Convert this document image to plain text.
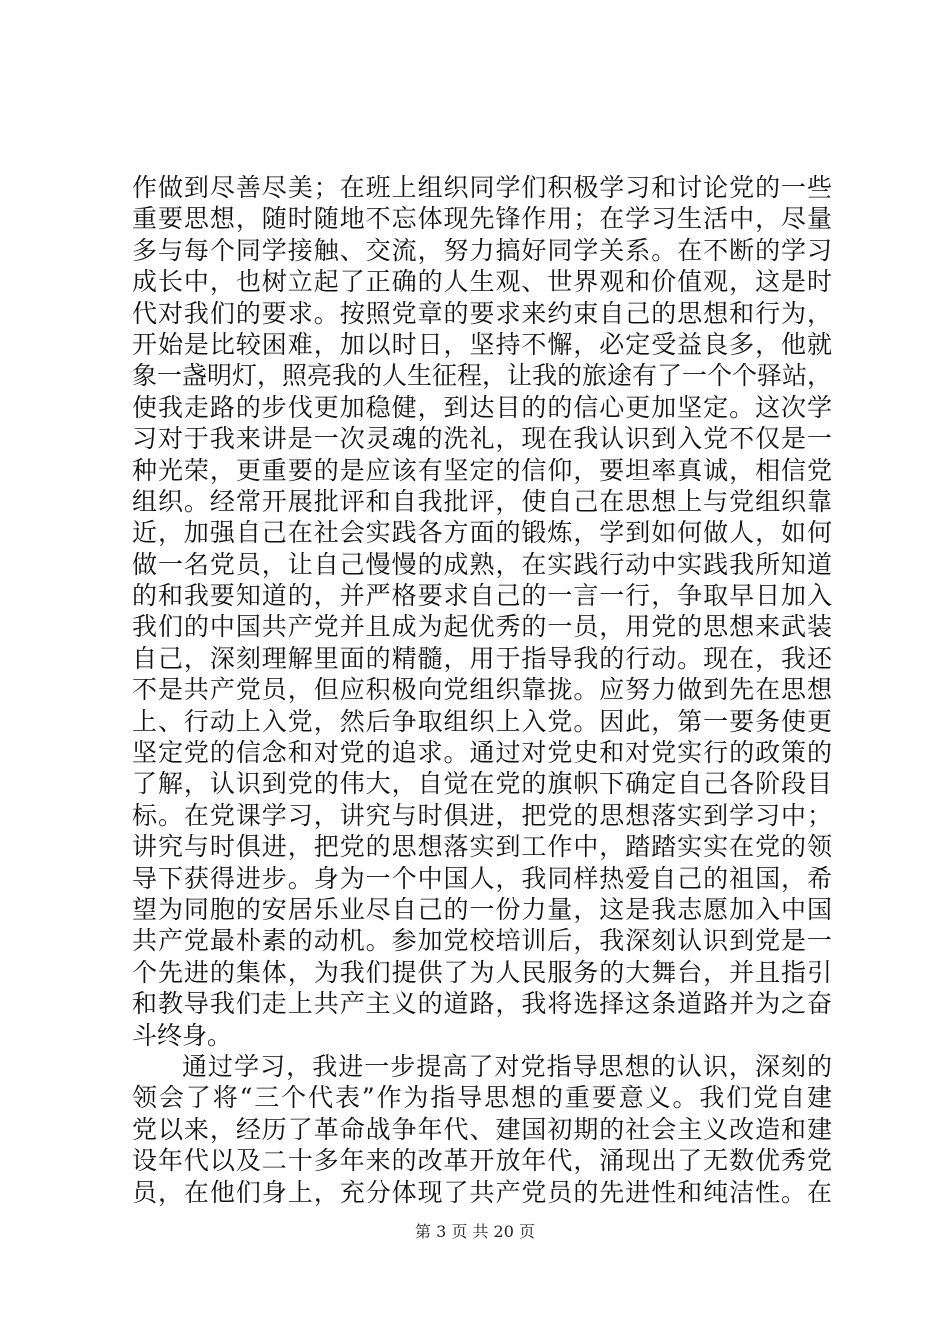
作做到尽善尽美；在班上组织同学们积极学习和讨论党的一些
重要思想，随时随地不忘体现先锋作用；在学习生活中，尽量
多与每个同学接触、交流，努力搞好同学关系。在不断的学习
成长中，也树立起了正确的人生观、世界观和价值观，这是时
代对我们的要求。按照党章的要求来约束自己的思想和行为，
开始是比较困难，加以时日，坚持不懈，必定受益良多，他就
象一盏明灯，照亮我的人生征程，让我的旅途有了一个个驿站，
使我走路的步伐更加稳健，到达目的的信心更加坚定。这次学
习对于我来讲是一次灵魂的洗礼，现在我认识到入党不仅是一
种光荣，更重要的是应该有坚定的信仰，要坦率真诚，相信党
组织。经常开展批评和自我批评，使自己在思想上与党组织靠
近，加强自己在社会实践各方面的锻炼，学到如何做人，如何
做一名党员，让自己慢慢的成熟，在实践行动中实践我所知道
的和我要知道的，并严格要求自己的一言一行，争取早日加入
我们的中国共产党并且成为起优秀的一员，用党的思想来武装
自己，深刻理解里面的精髓，用于指导我的行动。现在，我还
不是共产党员，但应积极向党组织靠拢。应努力做到先在思想
上、行动上入党，然后争取组织上入党。因此，第一要务使更
坚定党的信念和对党的追求。通过对党史和对党实行的政策的
了解，认识到党的伟大，自觉在党的旗帜下确定自己各阶段目
标。在党课学习，讲究与时俱进，把党的思想落实到学习中；
讲究与时俱进，把党的思想落实到工作中，踏踏实实在党的领
导下获得进步。身为一个中国人，我同样热爱自己的祖国，希
望为同胞的安居乐业尽自己的一份力量，这是我志愿加入中国
共产党最朴素的动机。参加党校培训后，我深刻认识到党是一
个先进的集体，为我们提供了为人民服务的大舞台，并且指引
和教导我们走上共产主义的道路，我将选择这条道路并为之奋
斗终身。
通过学习，我进一步提高了对党指导思想的认识，深刻的
领会了将“三个代表”作为指导思想的重要意义。我们党自建
党以来，经历了革命战争年代、建国初期的社会主义改造和建
设年代以及二十多年来的改革开放年代，涌现出了无数优秀党
员，在他们身上，充分体现了共产党员的先进性和纯洁性。在
第 3 页 共 20 页
